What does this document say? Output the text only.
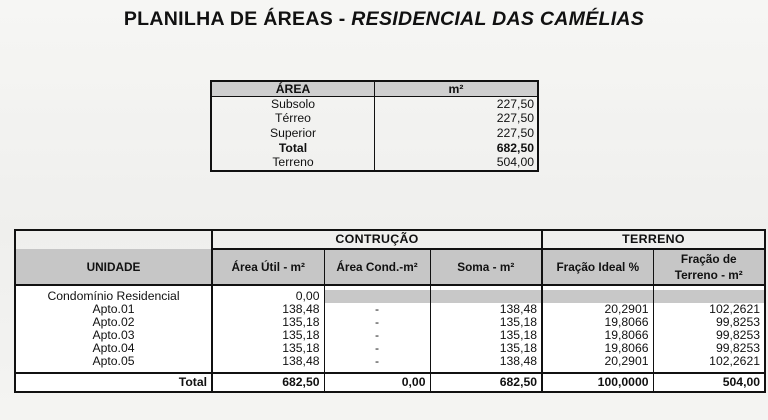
PLANILHA DE ÁREAS - RESIDENCIAL DAS CAMÉLIAS
ÁREA	m²
Subsolo	227,50
Térreo	227,50
Superior	227,50
Total	682,50
Terreno	504,00
	CONTRUÇÃO			TERRENO	
UNIDADE	Área Útil - m²	Área Cond.-m²	Soma - m²	Fração Ideal %	Fração de
Terreno - m²

Condomínio Residencial	0,00				
Apto.01	138,48	-	138,48	20,2901	102,2621
Apto.02	135,18	-	135,18	19,8066	99,8253
Apto.03	135,18	-	135,18	19,8066	99,8253
Apto.04	135,18	-	135,18	19,8066	99,8253
Apto.05	138,48	-	138,48	20,2901	102,2621

Total	682,50	0,00	682,50	100,0000	504,00
